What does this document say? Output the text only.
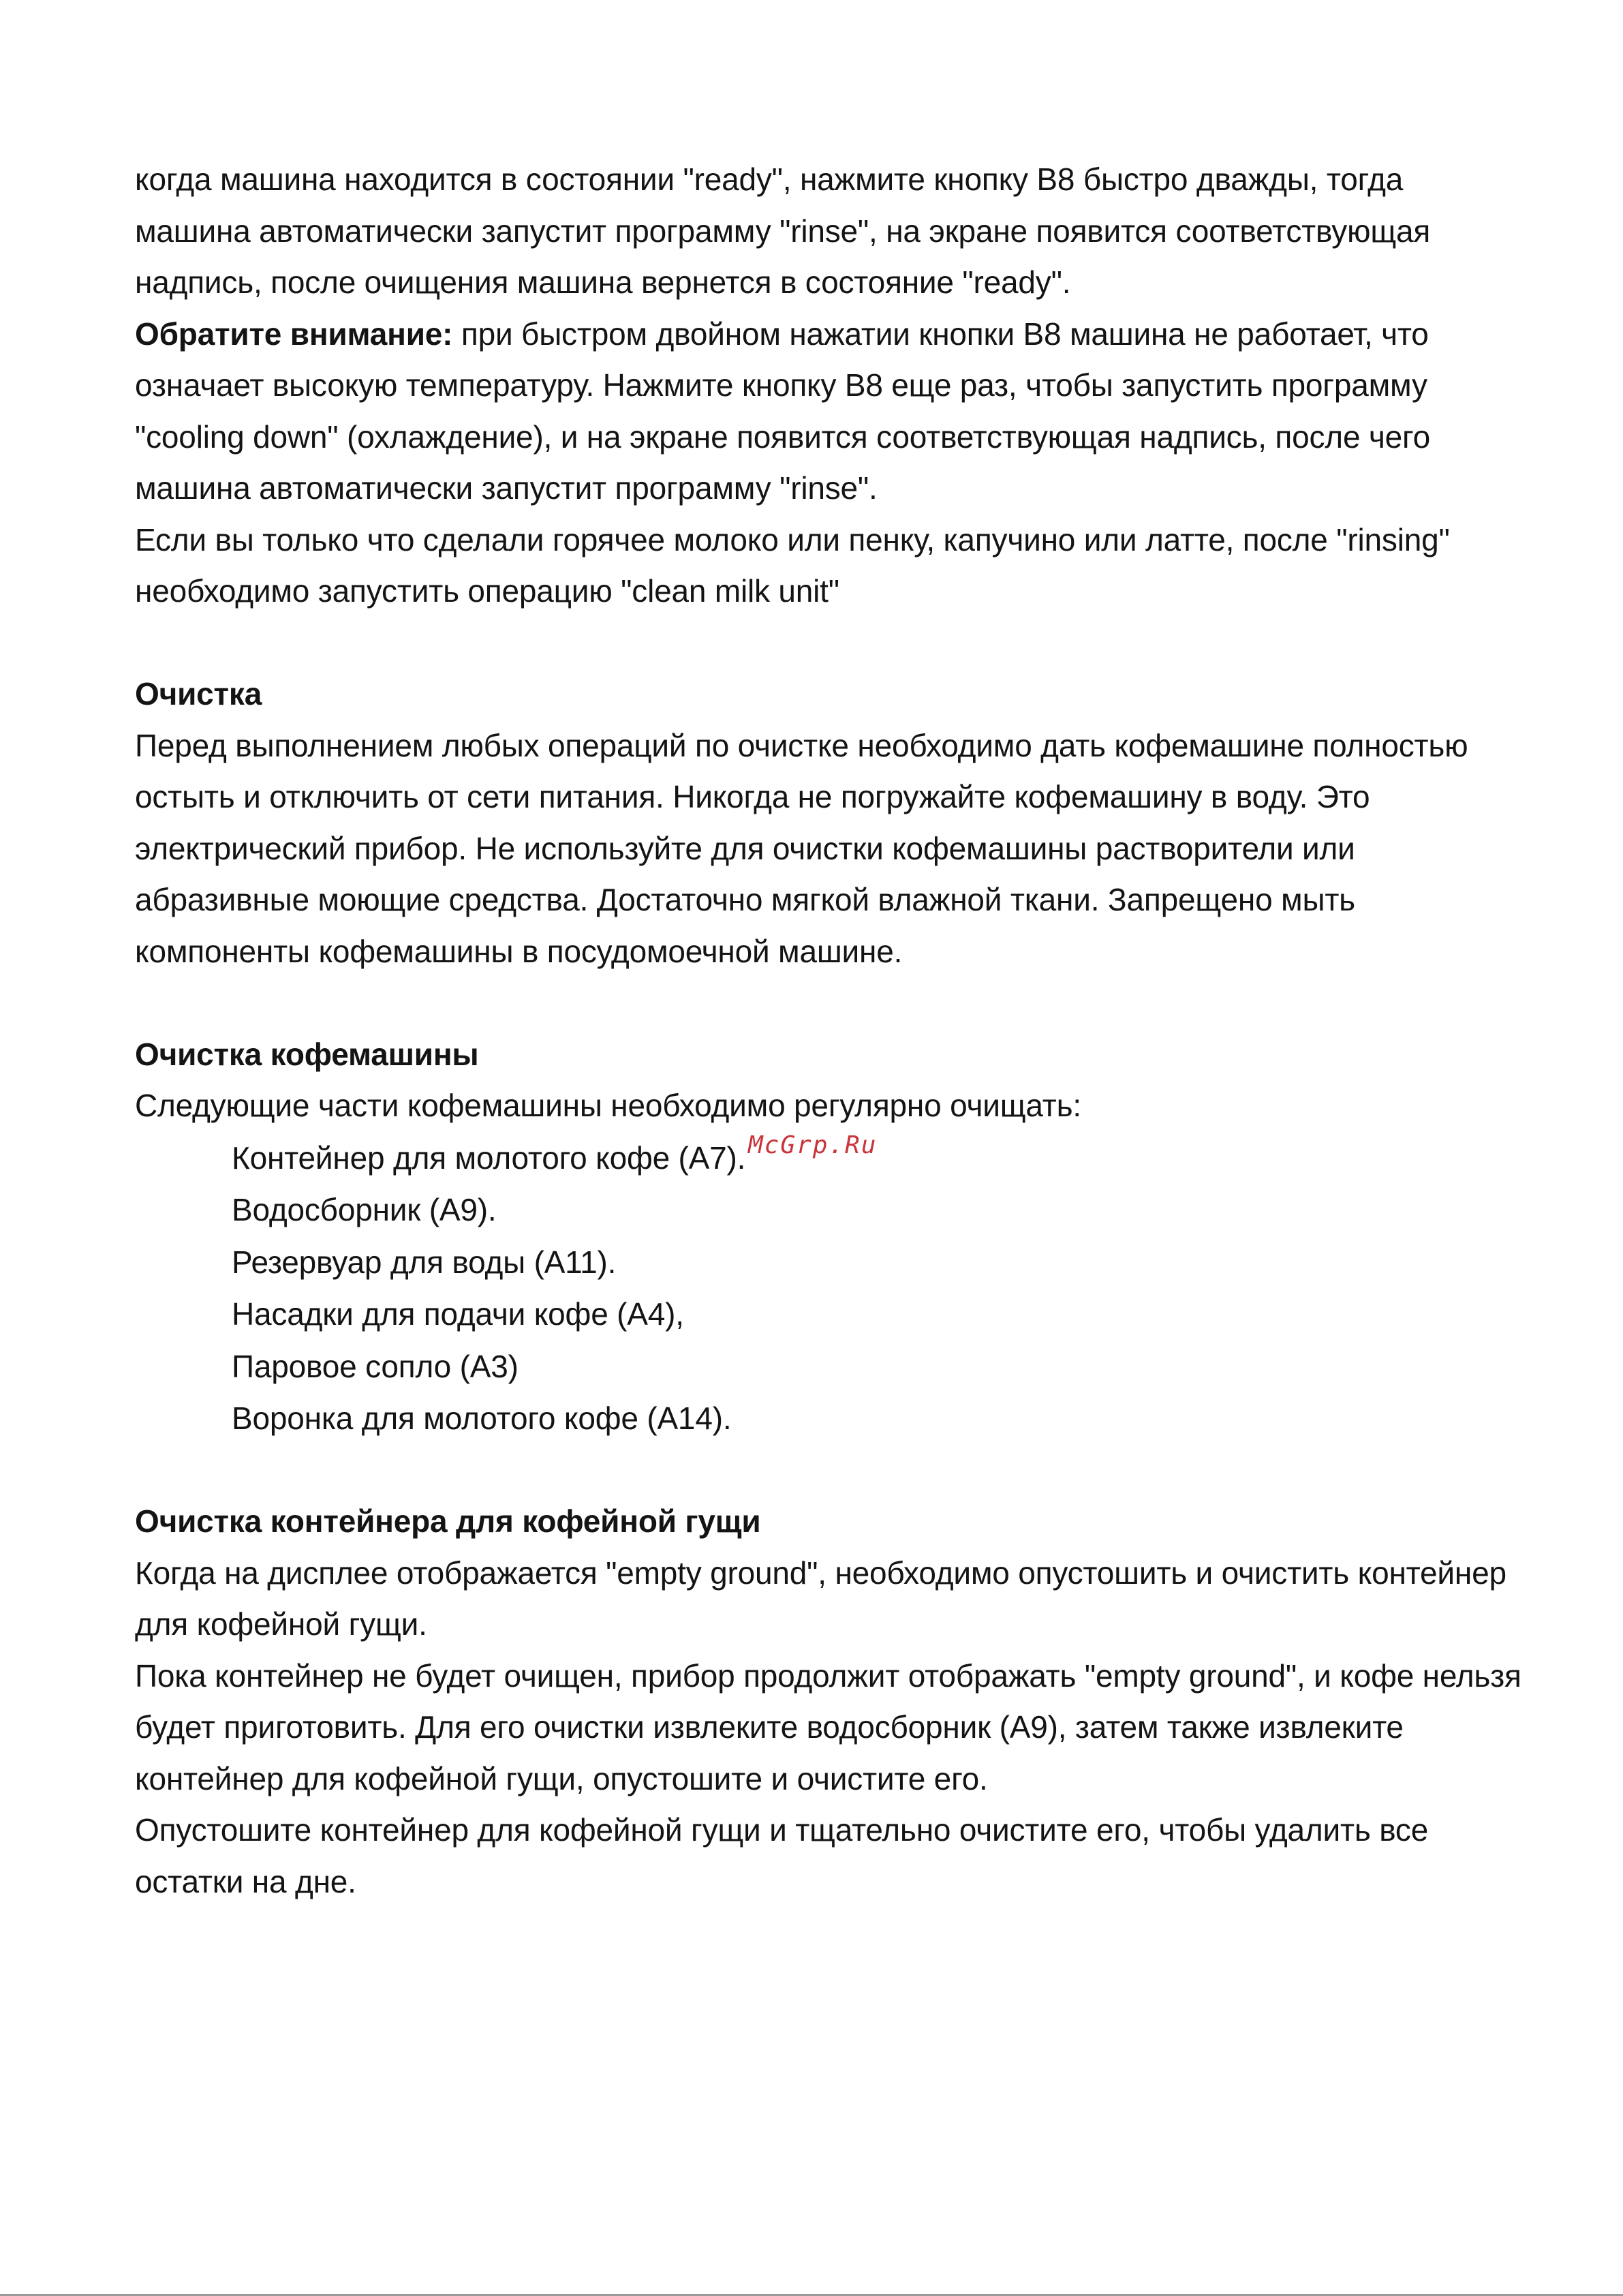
когда машина находится в состоянии "ready", нажмите кнопку B8 быстро дважды, тогда машина автоматически запустит программу "rinse", на экране появится соответствующая надпись, после очищения машина вернется в состояние "ready".

Обратите внимание: при быстром двойном нажатии кнопки B8 машина не работает, что означает высокую температуру. Нажмите кнопку B8 еще раз, чтобы запустить программу "cooling down" (охлаждение), и на экране появится соответствующая надпись, после чего машина автоматически запустит программу "rinse".

Если вы только что сделали горячее молоко или пенку, капучино или латте, после "rinsing" необходимо запустить операцию "clean milk unit"

Очистка

Перед выполнением любых операций по очистке необходимо дать кофемашине полностью остыть и отключить от сети питания. Никогда не погружайте кофемашину в воду. Это электрический прибор. Не используйте для очистки кофемашины растворители или абразивные моющие средства. Достаточно мягкой влажной ткани. Запрещено мыть компоненты кофемашины в посудомоечной машине.

Очистка кофемашины

Следующие части кофемашины необходимо регулярно очищать:

Контейнер для молотого кофе (A7).
Водосборник (A9).
Резервуар для воды (A11).
Насадки для подачи кофе (A4),
Паровое сопло (A3)
Воронка для молотого кофе (A14).

Очистка контейнера для кофейной гущи

Когда на дисплее отображается "empty ground", необходимо опустошить и очистить контейнер для кофейной гущи.

Пока контейнер не будет очищен, прибор продолжит отображать "empty ground", и кофе нельзя будет приготовить. Для его очистки извлеките водосборник (A9), затем также извлеките контейнер для кофейной гущи, опустошите и очистите его.

Опустошите контейнер для кофейной гущи и тщательно очистите его, чтобы удалить все остатки на дне.

McGrp.Ru
